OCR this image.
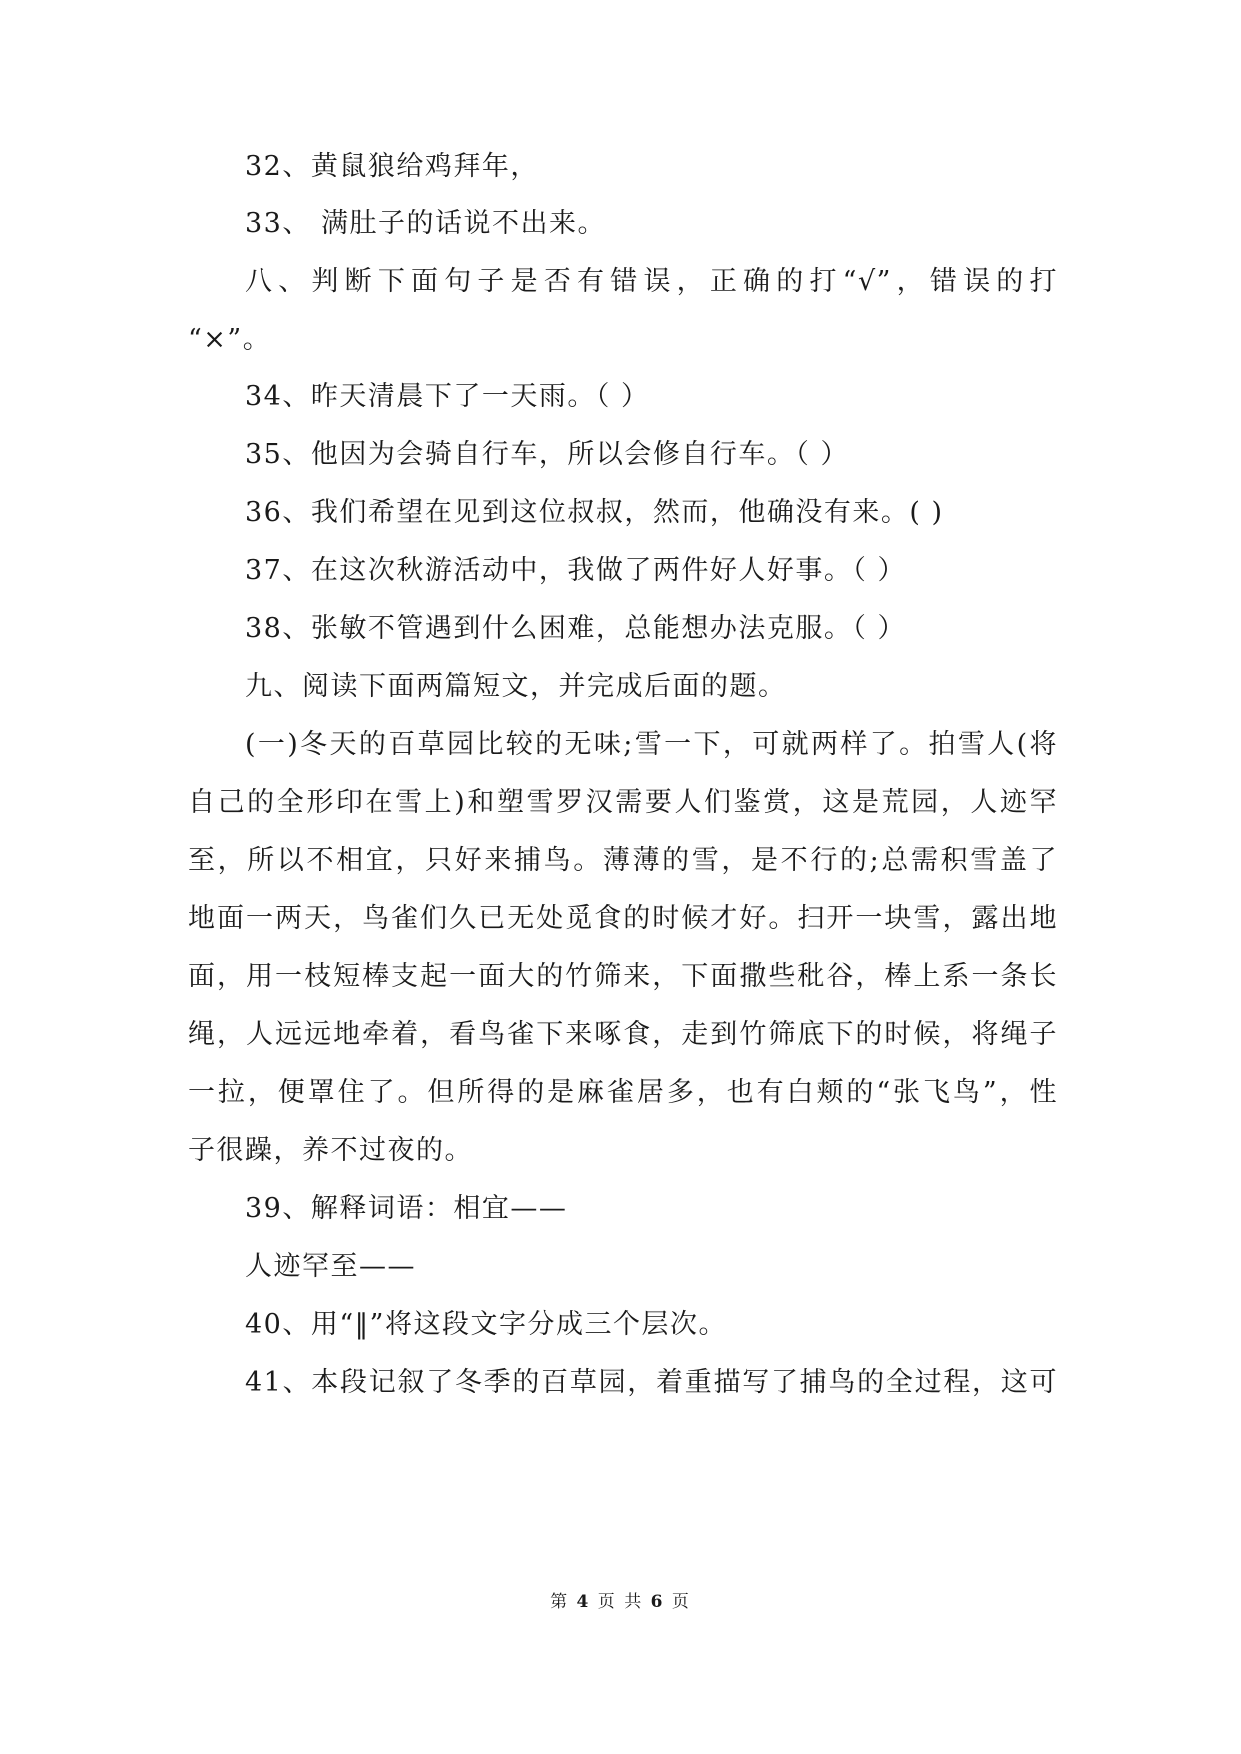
32、黄鼠狼给鸡拜年，
33、 满肚子的话说不出来。
八、判断下面句子是否有错误，正确的打“√”，错误的打
“×”。
34、昨天清晨下了一天雨。（ ）
35、他因为会骑自行车，所以会修自行车。（ ）
36、我们希望在见到这位叔叔，然而，他确没有来。( )
37、在这次秋游活动中，我做了两件好人好事。（ ）
38、张敏不管遇到什么困难，总能想办法克服。（ ）
九、阅读下面两篇短文，并完成后面的题。
(一)冬天的百草园比较的无味;雪一下，可就两样了。拍雪人(将
自己的全形印在雪上)和塑雪罗汉需要人们鉴赏，这是荒园，人迹罕
至，所以不相宜，只好来捕鸟。薄薄的雪，是不行的;总需积雪盖了
地面一两天，鸟雀们久已无处觅食的时候才好。扫开一块雪，露出地
面，用一枝短棒支起一面大的竹筛来，下面撒些秕谷，棒上系一条长
绳，人远远地牵着，看鸟雀下来啄食，走到竹筛底下的时候，将绳子
一拉，便罩住了。但所得的是麻雀居多，也有白颊的“张飞鸟”，性
子很躁，养不过夜的。
39、解释词语：相宜——
人迹罕至——
40、用“‖”将这段文字分成三个层次。
41、本段记叙了冬季的百草园，着重描写了捕鸟的全过程，这可
第 4 页 共 6 页
